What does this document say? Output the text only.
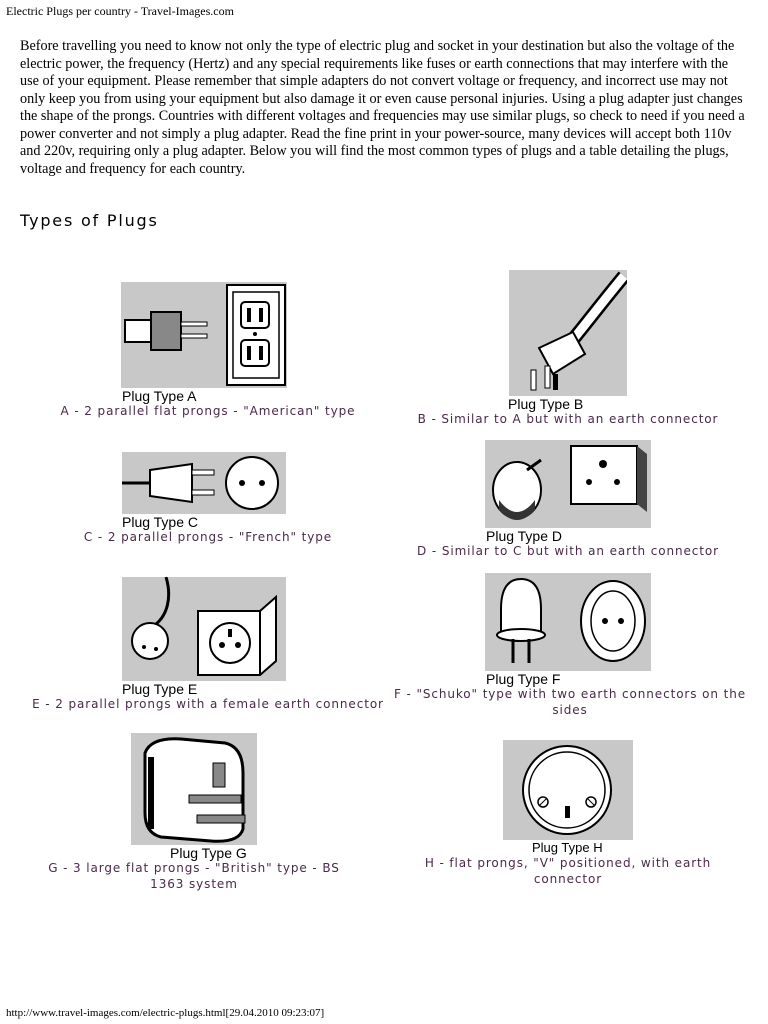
Electric Plugs per country - Travel-Images.com

Before travelling you need to know not only the type of electric plug and socket in your destination but also the voltage of the electric power, the frequency (Hertz) and any special requirements like fuses or earth connections that may interfere with the use of your equipment. Please remember that simple adapters do not convert voltage or frequency, and incorrect use may not only keep you from using your equipment but also damage it or even cause personal injuries. Using a plug adapter just changes the shape of the prongs. Countries with different voltages and frequencies may use similar plugs, so check to need if you need a power converter and not simply a plug adapter. Read the fine print in your power-source, many devices will accept both 110v and 220v, requiring only a plug adapter. Below you will find the most common types of plugs and a table detailing the plugs, voltage and frequency for each country.

Types of Plugs
Plug Type A
A - 2 parallel flat prongs - "American" type	Plug Type B
B - Similar to A but with an earth connector
Plug Type C
C - 2 parallel prongs - "French" type	Plug Type D
D - Similar to C but with an earth connector
Plug Type E
E - 2 parallel prongs with a female earth connector
Plug Type F
F - "Schuko" type with two earth connectors on the sides
Plug Type G
G - 3 large flat prongs - "British" type - BS 1363 system
Plug Type H
H - flat prongs, "V" positioned, with earth connector
http://www.travel-images.com/electric-plugs.html[29.04.2010 09:23:07]
